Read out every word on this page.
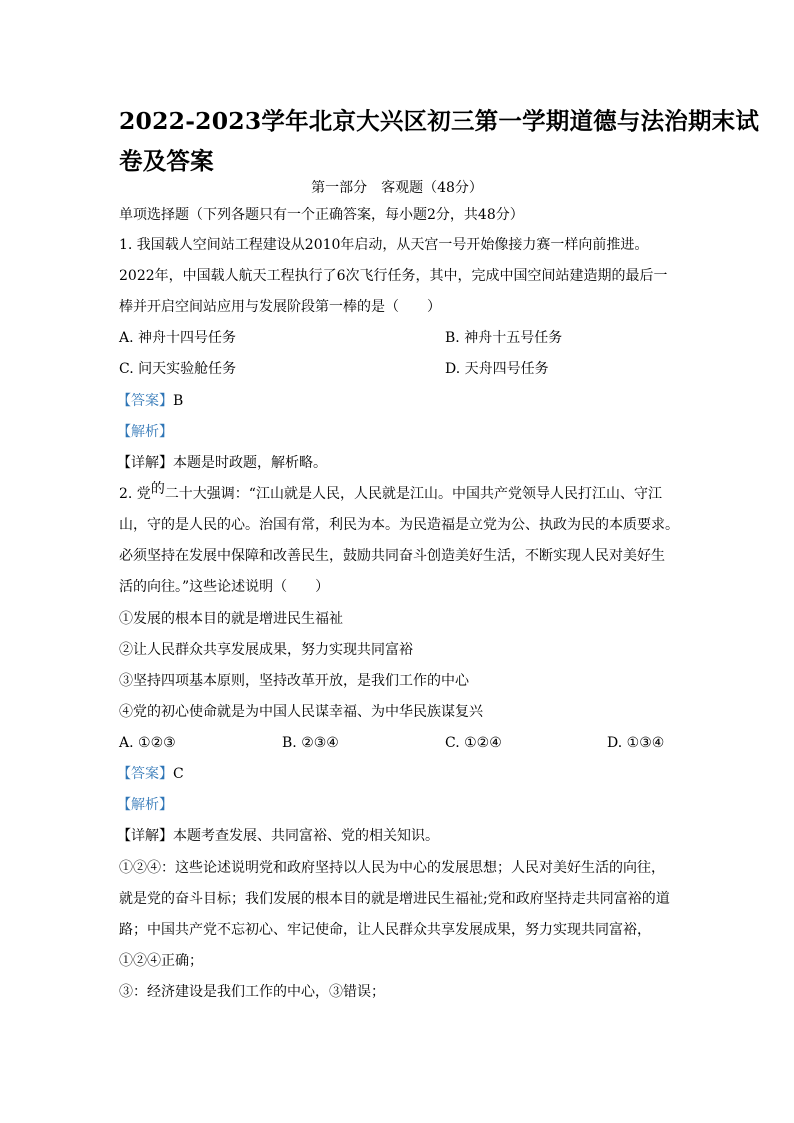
2022-2023学年北京大兴区初三第一学期道德与法治期末试
卷及答案
第一部分　客观题（48分）
单项选择题（下列各题只有一个正确答案，每小题2分，共48分）
1. 我国载人空间站工程建设从2010年启动，从天宫一号开始像接力赛一样向前推进。
2022年，中国载人航天工程执行了6次飞行任务，其中，完成中国空间站建造期的最后一
棒并开启空间站应用与发展阶段第一棒的是（　　）
A. 神舟十四号任务	B. 神舟十五号任务
C. 问天实验舱任务	D. 天舟四号任务
【答案】B
【解析】
【详解】本题是时政题，解析略。
2. 党的二十大强调：“江山就是人民，人民就是江山。中国共产党领导人民打江山、守江
山，守的是人民的心。治国有常，利民为本。为民造福是立党为公、执政为民的本质要求。
必须坚持在发展中保障和改善民生，鼓励共同奋斗创造美好生活，不断实现人民对美好生
活的向往。”这些论述说明（　　）
①发展的根本目的就是增进民生福祉
②让人民群众共享发展成果，努力实现共同富裕
③坚持四项基本原则，坚持改革开放，是我们工作的中心
④党的初心使命就是为中国人民谋幸福、为中华民族谋复兴
A. ①②③	B. ②③④	C. ①②④	D. ①③④
【答案】C
【解析】
【详解】本题考查发展、共同富裕、党的相关知识。
①②④：这些论述说明党和政府坚持以人民为中心的发展思想；人民对美好生活的向往，
就是党的奋斗目标；我们发展的根本目的就是增进民生福祉;党和政府坚持走共同富裕的道
路；中国共产党不忘初心、牢记使命，让人民群众共享发展成果，努力实现共同富裕，
①②④正确；
③：经济建设是我们工作的中心，③错误；
